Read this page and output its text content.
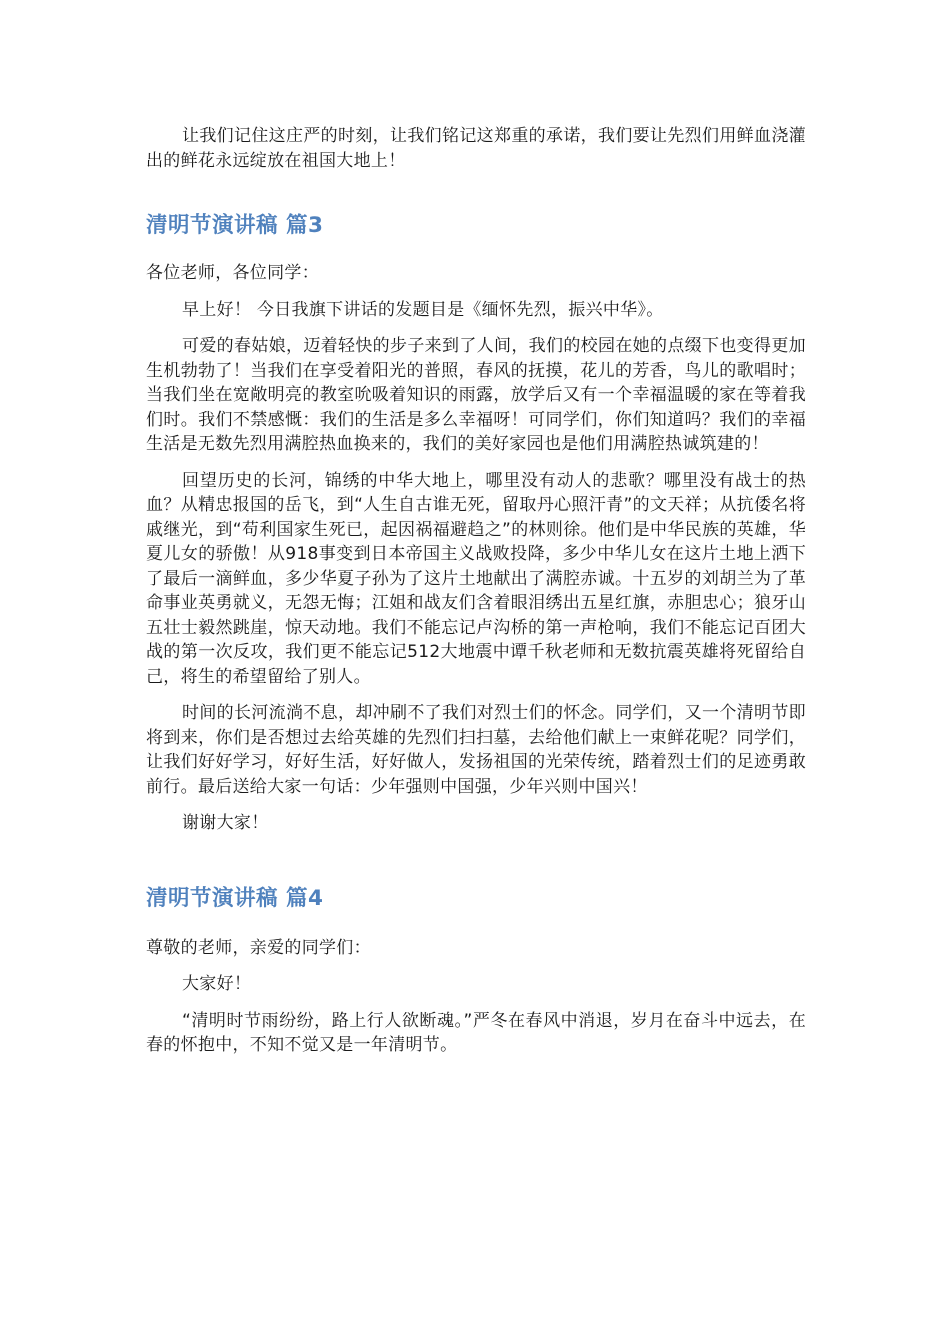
让我们记住这庄严的时刻，让我们铭记这郑重的承诺，我们要让先烈们用鲜血浇灌出的鲜花永远绽放在祖国大地上！

清明节演讲稿 篇3

各位老师，各位同学：

早上好！ 今日我旗下讲话的发题目是《缅怀先烈，振兴中华》。

可爱的春姑娘，迈着轻快的步子来到了人间，我们的校园在她的点缀下也变得更加生机勃勃了！当我们在享受着阳光的普照，春风的抚摸，花儿的芳香，鸟儿的歌唱时；当我们坐在宽敞明亮的教室吮吸着知识的雨露，放学后又有一个幸福温暖的家在等着我们时。我们不禁感慨：我们的生活是多么幸福呀！可同学们，你们知道吗？我们的幸福生活是无数先烈用满腔热血换来的，我们的美好家园也是他们用满腔热诚筑建的！

回望历史的长河，锦绣的中华大地上，哪里没有动人的悲歌？哪里没有战士的热血？从精忠报国的岳飞，到“人生自古谁无死，留取丹心照汗青”的文天祥；从抗倭名将戚继光，到“苟利国家生死已，起因祸福避趋之”的林则徐。他们是中华民族的英雄，华夏儿女的骄傲！从918事变到日本帝国主义战败投降，多少中华儿女在这片土地上洒下了最后一滴鲜血，多少华夏子孙为了这片土地献出了满腔赤诚。十五岁的刘胡兰为了革命事业英勇就义，无怨无悔；江姐和战友们含着眼泪绣出五星红旗，赤胆忠心；狼牙山五壮士毅然跳崖，惊天动地。我们不能忘记卢沟桥的第一声枪响，我们不能忘记百团大战的第一次反攻，我们更不能忘记512大地震中谭千秋老师和无数抗震英雄将死留给自己，将生的希望留给了别人。

时间的长河流淌不息，却冲刷不了我们对烈士们的怀念。同学们，又一个清明节即将到来，你们是否想过去给英雄的先烈们扫扫墓，去给他们献上一束鲜花呢？同学们，让我们好好学习，好好生活，好好做人，发扬祖国的光荣传统，踏着烈士们的足迹勇敢前行。最后送给大家一句话：少年强则中国强，少年兴则中国兴！

谢谢大家！

清明节演讲稿 篇4

尊敬的老师，亲爱的同学们：

大家好！

“清明时节雨纷纷，路上行人欲断魂。”严冬在春风中消退，岁月在奋斗中远去，在春的怀抱中，不知不觉又是一年清明节。
